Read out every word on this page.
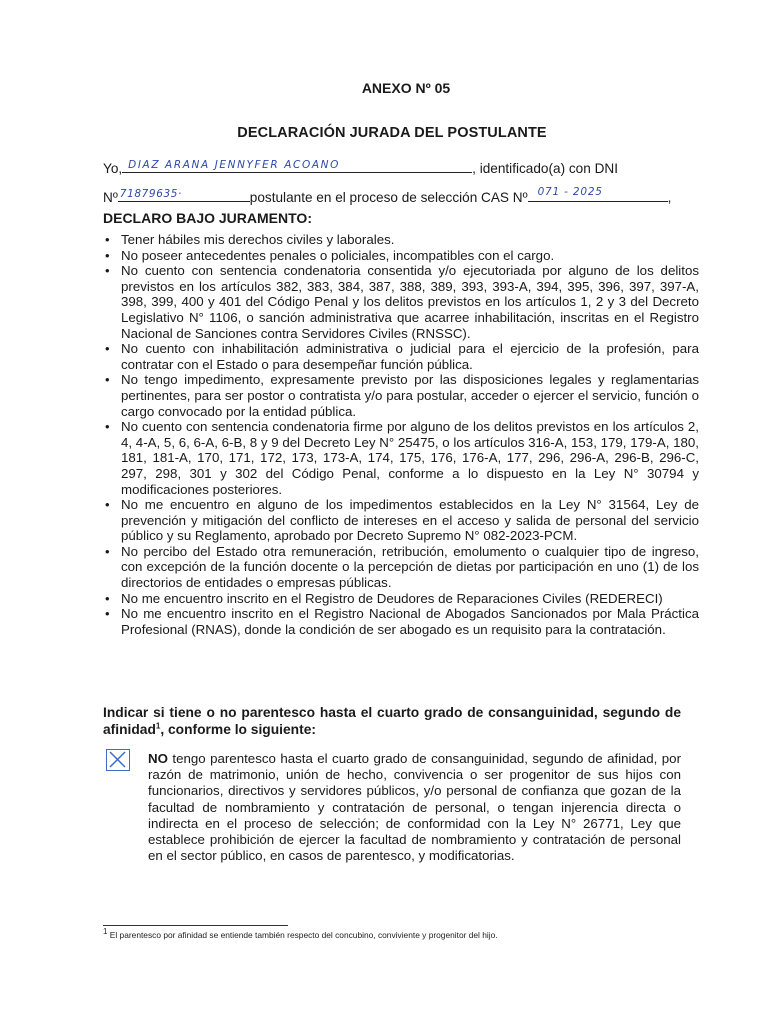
ANEXO Nº 05
DECLARACIÓN JURADA DEL POSTULANTE
Yo, DIAZ ARANA JENNYFER ACOANO	, identificado(a) con DNI
Nº 71879635·	postulante en el proceso de selección CAS Nº 071 - 2025	,
DECLARO BAJO JURAMENTO:
• Tener hábiles mis derechos civiles y laborales.
• No poseer antecedentes penales o policiales, incompatibles con el cargo.
• No cuento con sentencia condenatoria consentida y/o ejecutoriada por alguno de los delitos previstos en los artículos 382, 383, 384, 387, 388, 389, 393, 393-A, 394, 395, 396, 397, 397-A, 398, 399, 400 y 401 del Código Penal y los delitos previstos en los artículos 1, 2 y 3 del Decreto Legislativo N° 1106, o sanción administrativa que acarree inhabilitación, inscritas en el Registro Nacional de Sanciones contra Servidores Civiles (RNSSC).
• No cuento con inhabilitación administrativa o judicial para el ejercicio de la profesión, para contratar con el Estado o para desempeñar función pública.
• No tengo impedimento, expresamente previsto por las disposiciones legales y reglamentarias pertinentes, para ser postor o contratista y/o para postular, acceder o ejercer el servicio, función o cargo convocado por la entidad pública.
• No cuento con sentencia condenatoria firme por alguno de los delitos previstos en los artículos 2, 4, 4-A, 5, 6, 6-A, 6-B, 8 y 9 del Decreto Ley N° 25475, o los artículos 316-A, 153, 179, 179-A, 180, 181, 181-A, 170, 171, 172, 173, 173-A, 174, 175, 176, 176-A, 177, 296, 296-A, 296-B, 296-C, 297, 298, 301 y 302 del Código Penal, conforme a lo dispuesto en la Ley N° 30794 y modificaciones posteriores.
• No me encuentro en alguno de los impedimentos establecidos en la Ley N° 31564, Ley de prevención y mitigación del conflicto de intereses en el acceso y salida de personal del servicio público y su Reglamento, aprobado por Decreto Supremo N° 082-2023-PCM.
• No percibo del Estado otra remuneración, retribución, emolumento o cualquier tipo de ingreso, con excepción de la función docente o la percepción de dietas por participación en uno (1) de los directorios de entidades o empresas públicas.
• No me encuentro inscrito en el Registro de Deudores de Reparaciones Civiles (REDERECI)
• No me encuentro inscrito en el Registro Nacional de Abogados Sancionados por Mala Práctica Profesional (RNAS), donde la condición de ser abogado es un requisito para la contratación.
Indicar si tiene o no parentesco hasta el cuarto grado de consanguinidad, segundo de afinidad$^1$, conforme lo siguiente:
NO tengo parentesco hasta el cuarto grado de consanguinidad, segundo de afinidad, por razón de matrimonio, unión de hecho, convivencia o ser progenitor de sus hijos con funcionarios, directivos y servidores públicos, y/o personal de confianza que gozan de la facultad de nombramiento y contratación de personal, o tengan injerencia directa o indirecta en el proceso de selección; de conformidad con la Ley N° 26771, Ley que establece prohibición de ejercer la facultad de nombramiento y contratación de personal en el sector público, en casos de parentesco, y modificatorias.
$^1$ El parentesco por afinidad se entiende también respecto del concubino, conviviente y progenitor del hijo.
